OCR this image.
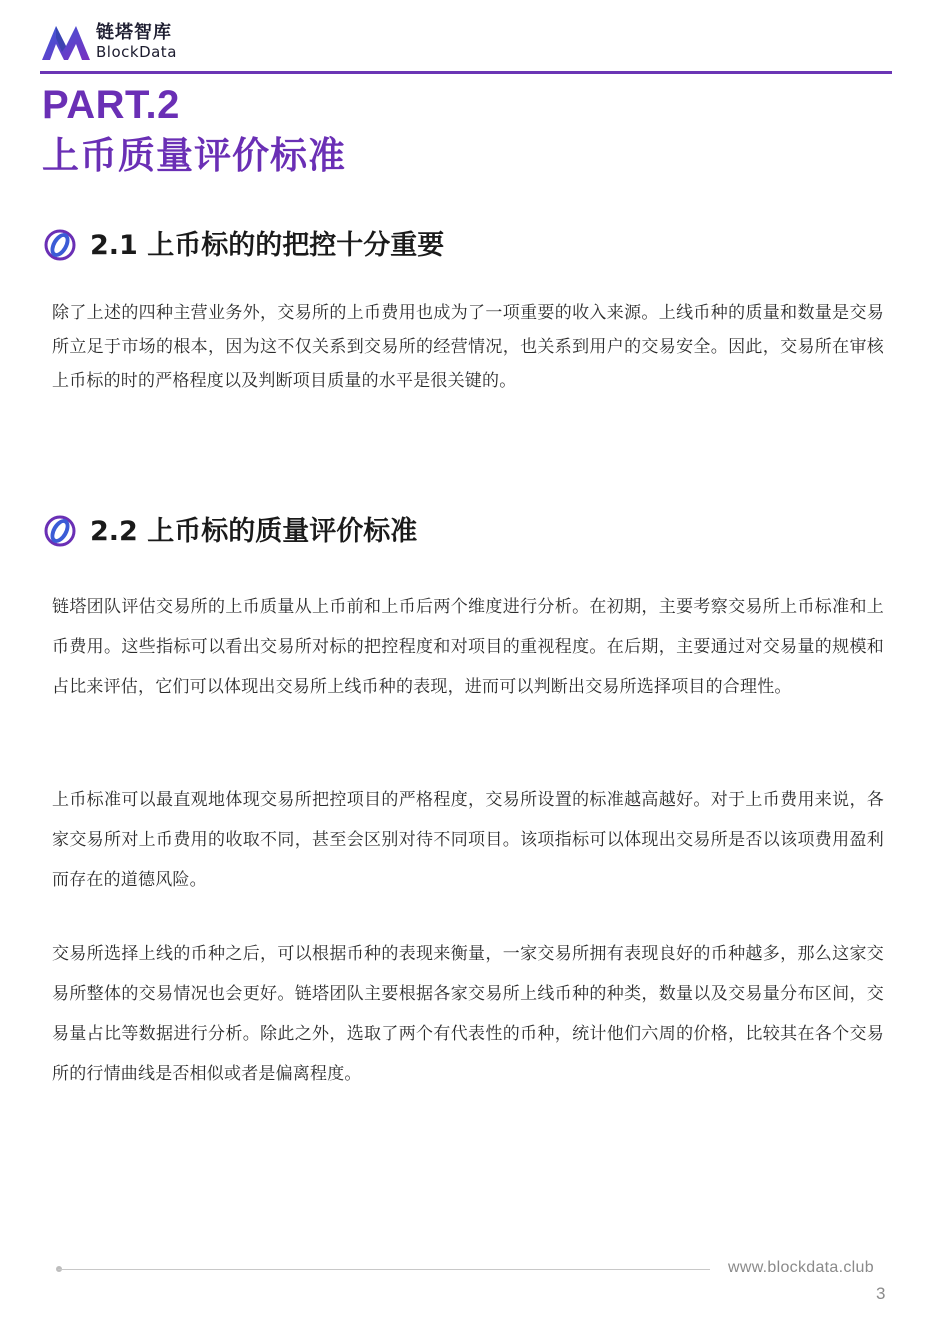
链塔智库
BlockData
PART.2
上币质量评价标准
2.1 上币标的的把控十分重要

除了上述的四种主营业务外，交易所的上币费用也成为了一项重要的收入来源。上线币种的质量和数量是交易所立足于市场的根本，因为这不仅关系到交易所的经营情况，也关系到用户的交易安全。因此，交易所在审核上币标的时的严格程度以及判断项目质量的水平是很关键的。

2.2 上币标的质量评价标准

链塔团队评估交易所的上币质量从上币前和上币后两个维度进行分析。在初期，主要考察交易所上币标准和上币费用。这些指标可以看出交易所对标的把控程度和对项目的重视程度。在后期，主要通过对交易量的规模和占比来评估，它们可以体现出交易所上线币种的表现，进而可以判断出交易所选择项目的合理性。

上币标准可以最直观地体现交易所把控项目的严格程度，交易所设置的标准越高越好。对于上币费用来说，各家交易所对上币费用的收取不同，甚至会区别对待不同项目。该项指标可以体现出交易所是否以该项费用盈利而存在的道德风险。

交易所选择上线的币种之后，可以根据币种的表现来衡量，一家交易所拥有表现良好的币种越多，那么这家交易所整体的交易情况也会更好。链塔团队主要根据各家交易所上线币种的种类，数量以及交易量分布区间，交易量占比等数据进行分析。除此之外，选取了两个有代表性的币种，统计他们六周的价格，比较其在各个交易所的行情曲线是否相似或者是偏离程度。

www.blockdata.club
3
